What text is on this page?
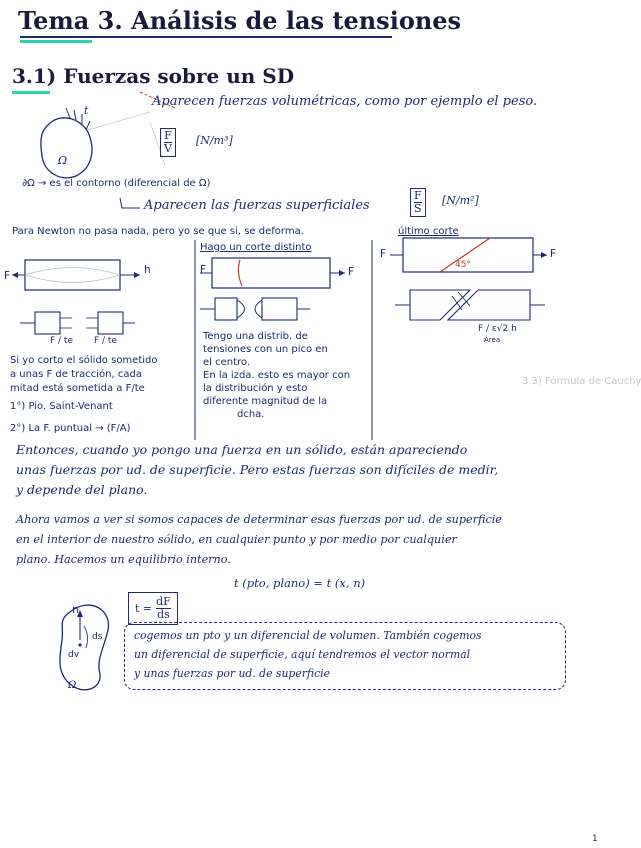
Tema 3. Análisis de las tensiones
3.1) Fuerzas sobre un SD
t
Ω
Aparecen fuerzas volumétricas, como por ejemplo el peso.
$\frac{F}{V} [N/m^3]$
∂Ω → es el contorno (diferencial de Ω)
Aparecen las fuerzas superficiales	$\frac{F}{S} [N/m^2]$
Para Newton no pasa nada, pero yo se que si, se deforma.
Hago un corte distinto
último corte
h
F	F	F
F	F
45°
F / ε√2 h
Área
F / te F / te
Si yo corto el sólido sometido
a unas F de tracción, cada
mitad está sometida a F/te
1°) Pio. Saint-Venant
2°) La F. puntual → (F/A)
Tengo una distrib. de
tensiones con un pico en
el centro.
En la izda. esto es mayor con
la distribución y esto
diferente magnitud de la
dcha.
3.3) Fórmula de Cauchy
Entonces, cuando yo pongo una fuerza en un sólido, están apareciendo
unas fuerzas por ud. de superficie. Pero estas fuerzas son difíciles de medir,
y depende del plano.
Ahora vamos a ver si somos capaces de determinar esas fuerzas por ud. de superficie
en el interior de nuestro sólido, en cualquier punto y por medio por cualquier
plano. Hacemos un equilibrio interno.
n
dv
ds
Ω
$t = \frac{dF}{ds}$
t (pto, plano) = t (x, n)
cogemos un pto y un diferencial de volumen. También cogemos
un diferencial de superficie, aquí tendremos el vector normal
y unas fuerzas por ud. de superficie
1
